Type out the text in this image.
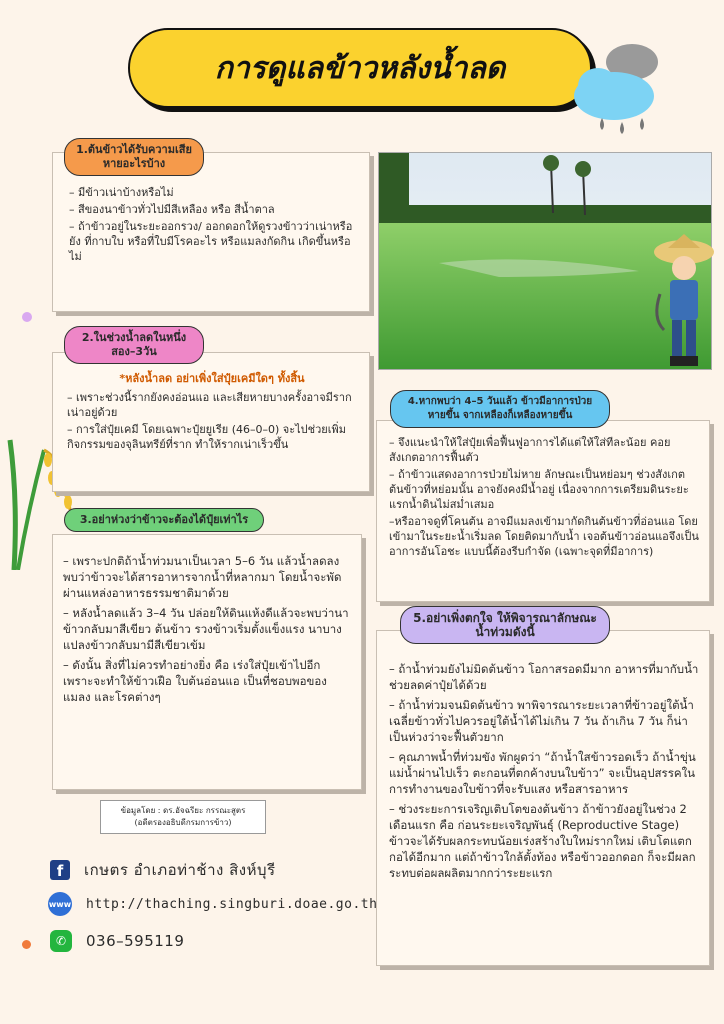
การดูแลข้าวหลังน้ำลด

– มีข้าวเน่าบ้างหรือไม่

– สีของนาข้าวทั่วไปมีสีเหลือง หรือ สีน้ำตาล

– ถ้าข้าวอยู่ในระยะออกรวง/ ออกดอกให้ดูรวงข้าวว่าเน่าหรือยัง ที่กาบใบ หรือที่ใบมีโรคอะไร หรือแมลงกัดกิน เกิดขึ้นหรือไม่

1.ต้นข้าวได้รับความเสียหายอะไรบ้าง

*หลังน้ำลด อย่าเพิ่งใส่ปุ๋ยเคมีใดๆ ทั้งสิ้น

– เพราะช่วงนี้รากยังคงอ่อนแอ และเสียหายบางครั้งอาจมีรากเน่าอยู่ด้วย

– การใส่ปุ๋ยเคมี โดยเฉพาะปุ๋ยยูเรีย (46–0–0) จะไปช่วยเพิ่มกิจกรรมของจุลินทรีย์ที่ราก ทำให้รากเน่าเร็วขึ้น

2.ในช่วงน้ำลดในหนึ่งสอง–3วัน

– เพราะปกติถ้าน้ำท่วมนาเป็นเวลา 5–6 วัน แล้วน้ำลดลง พบว่าข้าวจะได้สารอาหารจากน้ำที่หลากมา โดยน้ำจะพัดผ่านแหล่งอาหารธรรมชาติมาด้วย

– หลังน้ำลดแล้ว 3–4 วัน ปล่อยให้ดินแห้งดีแล้วจะพบว่านาข้าวกลับมาสีเขียว ต้นข้าว รวงข้าวเริ่มตั้งแข็งแรง นาบางแปลงข้าวกลับมามีสีเขียวเข้ม

– ดังนั้น สิ่งที่ไม่ควรทำอย่างยิ่ง คือ เร่งใส่ปุ๋ยเข้าไปอีก เพราะจะทำให้ข้าวเฝือ ใบต้นอ่อนแอ เป็นที่ชอบพอของแมลง และโรคต่างๆ

3.อย่าห่วงว่าข้าวจะต้องได้ปุ๋ยเท่าไร
ข้อมูลโดย : ดร.อัจฉรียะ กรรณะสูตร
(อดีตรองอธิบดีกรมการข้าว)

– จึงแนะนำให้ใส่ปุ๋ยเพื่อฟื้นฟูอาการได้แต่ให้ใส่ทีละน้อย คอยสังเกตอาการฟื้นตัว

– ถ้าข้าวแสดงอาการป่วยไม่หาย ลักษณะเป็นหย่อมๆ ช่วงสังเกตต้นข้าวที่หย่อมนั้น อาจยังคงมีน้ำอยู่ เนื่องจากการเตรียมดินระยะแรกน้ำดินไม่สม่ำเสมอ

–หรืออาจดูที่โคนต้น อาจมีแมลงเข้ามากัดกินต้นข้าวที่อ่อนแอ โดยเข้ามาในระยะน้ำเริ่มลด โดยติดมากับน้ำ เจอต้นข้าวอ่อนแอจึงเป็นอาการอันโอชะ แบบนี้ต้องรีบกำจัด (เฉพาะจุดที่มีอาการ)

4.หากพบว่า 4–5 วันแล้ว ข้าวมีอาการป่วยหายขึ้น จากเหลืองก็เหลืองหายขึ้น

– ถ้าน้ำท่วมยังไม่มิดต้นข้าว โอกาสรอดมีมาก อาหารที่มากับน้ำช่วยลดค่าปุ๋ยได้ด้วย

– ถ้าน้ำท่วมจนมิดต้นข้าว พาพิจารณาระยะเวลาที่ข้าวอยู่ใต้น้ำ เฉลี่ยข้าวทั่วไปควรอยู่ใต้น้ำได้ไม่เกิน 7 วัน ถ้าเกิน 7 วัน ก็น่าเป็นห่วงว่าจะฟื้นตัวยาก

– คุณภาพน้ำที่ท่วมขัง พักผูดว่า “ถ้าน้ำใสข้าวรอดเร็ว ถ้าน้ำขุ่น แม่น้ำผ่านไปเร็ว ตะกอนที่ตกค้างบนใบข้าว” จะเป็นอุปสรรคในการทำงานของใบข้าวที่จะรับแสง หรือสารอาหาร

– ช่วงระยะการเจริญเติบโตของต้นข้าว ถ้าข้าวยังอยู่ในช่วง 2 เดือนแรก คือ ก่อนระยะเจริญพันธุ์ (Reproductive Stage) ข้าวจะได้รับผลกระทบน้อยเร่งสร้างใบใหม่รากใหม่ เติบโตแตกกอได้อีกมาก แต่ถ้าข้าวใกล้ตั้งท้อง หรือข้าวออกดอก ก็จะมีผลกระทบต่อผลผลิตมากกว่าระยะแรก

5.อย่าเพิ่งตกใจ ให้พิจารณาลักษณะน้ำท่วมดังนี้
f	เกษตร อำเภอท่าช้าง สิงห์บุรี
www http://thaching.singburi.doae.go.th
✆	036–595119
